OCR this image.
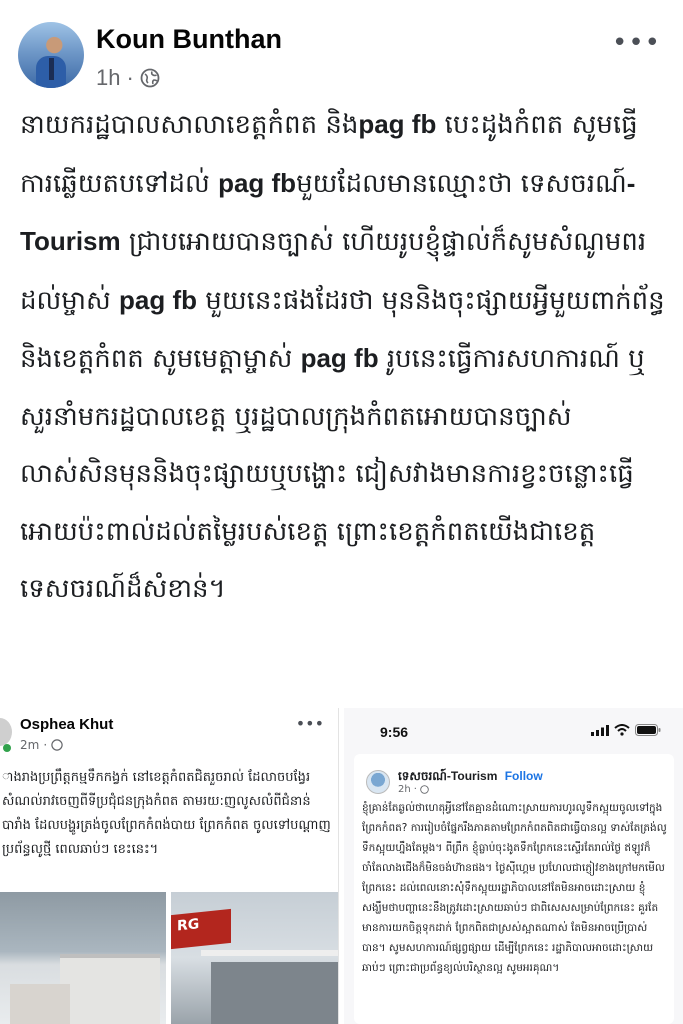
Koun Bunthan
1h ·
•••
នាយករដ្ឋបាលសាលាខេត្តកំពត និងpag fb បេះដូងកំពត សូមធ្វើការឆ្លើយតបទៅដល់ pag fbមួយដែលមានឈ្មោះថា ទេសចរណ៍-Tourism ជ្រាបអោយបានច្បាស់ ហើយរូបខ្ញុំផ្ទាល់ក៏សូមសំណូមពរដល់ម្ចាស់ pag fb មួយនេះផងដែរថា មុននិងចុះផ្សាយអ្វីមួយពាក់ព័ន្ធនិងខេត្តកំពត សូមមេត្តាម្ចាស់ pag fb រូបនេះធ្វើការសហការណ៍ ឬសួរនាំមករដ្ឋបាលខេត្ត ឬរដ្ឋបាលក្រុងកំពតអោយបានច្បាស់លាស់សិនមុននិងចុះផ្សាយឬបង្ហោះ ជៀសវាងមានការខ្វះចន្លោះធ្វើអោយប៉ះពាល់ដល់តម្លៃរបស់ខេត្ត ព្រោះខេត្តកំពតយើងជាខេត្តទេសចរណ៍ដ៏សំខាន់។
Osphea Khut
2m ·
•••
ាងរាងប្រព្រឹត្តកម្មទឹកកង្វក់ នៅខេត្តកំពតជិតរួចរាល់ ដែលាចបង្វែរសំណល់រាវចេញពីទីប្រជុំជនក្រុងកំពត តាមរយ:ញលូសលំពីជំនាន់បារាំង ដែលបង្ហូរត្រង់ចូលព្រែកកំពង់បាយ ព្រែកកំពត ចូលទៅបណ្តាញប្រព័ន្ធលូថ្មី ពេលឆាប់ៗ ខេះនេះ។
RG
9:56
ទេសចរណ៍-Tourism Follow
2h ·
ខ្ញុំគ្រាន់តែឆ្ងល់ថាហេតុអ្វីនៅតែគ្មានដំណោះស្រាយការហូរលូទឹកស្អុយចូលទៅក្នុងព្រែកកំពត? ការរៀបចំផ្នែករឹងភាគតាមព្រែកកំពតពិតជាធ្វើបានល្អ ទាស់តែត្រង់លូទឹកស្អុយហ្នឹងតែម្ដង។ ពីព្រឹក ខ្ញុំធ្លាប់ចុះងូតទឹកព្រែកនេះស្ទើរតែរាល់ថ្ងៃ ឥឡូវក៏ចាំតែលាងជើងក៏មិនចង់ហ៊ានផង។ ថ្ងៃស៊ីហ្គេម ប្រហែលជាភ្ញៀវខាងក្រៅមកមើលព្រែកនេះ ដល់ពេលនោះសុំទឹកស្អុយរដ្ឋាភិបាលនៅតែមិនអាចដោះស្រាយ ខ្ញុំសង្ឃឹមថាបញ្ហានេះនឹងត្រូវដោះស្រាយឆាប់ៗ ជាពិសេសសម្រាប់ព្រែកនេះ គួរតែមានការយកចិត្តទុកដាក់ ព្រែកពិតជាស្រស់ស្អាតណាស់ តែមិនអាចប្រើប្រាស់បាន។ សូមសហការណ៍ផ្សព្វផ្សាយ ដើម្បីព្រែកនេះ រដ្ឋាភិបាលអាចដោះស្រាយឆាប់ៗ ព្រោះជាប្រព័ន្ធខ្យល់បរិស្ថានល្អ សូមអរគុណ។
